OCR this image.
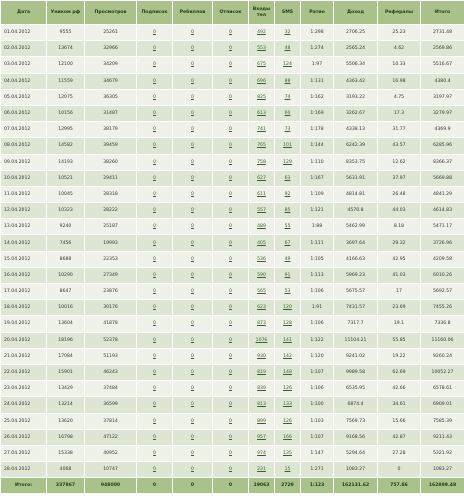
Дата	Уником рф	Просмотров	Подписок	Ребиллов	Отписок	Входы тел	SMS	Ратио	Доход	Рефералы	Итого
01.04.2012	9555	25261	0	0	0	492	32	1:298	2706.25	25.23	2731.48
02.04.2012	13674	32966	0	0	0	553	48	1:274	2565.24	4.62	2569.86
03.04.2012	12100	34209	0	0	0	675	124	1:97	5506.34	10.33	5516.67
04.04.2012	11559	34679	0	0	0	696	88	1:131	4363.42	16.98	4380.4
05.04.2012	12075	36305	0	0	0	825	74	1:162	3193.22	4.75	3197.97
06.04.2012	10156	31487	0	0	0	613	60	1:169	3262.67	17.3	3279.97
07.04.2012	12995	38179	0	0	0	741	73	1:178	4338.13	31.77	4369.9
08.04.2012	14582	39459	0	0	0	765	101	1:144	6242.39	43.57	6285.96
09.04.2012	14193	38260	0	0	0	758	129	1:110	8353.75	12.62	8366.37
10.04.2012	10521	29411	0	0	0	627	63	1:167	5631.91	37.97	5669.88
11.04.2012	10045	28318	0	0	0	611	92	1:109	4814.81	26.48	4841.29
12.04.2012	10323	28222	0	0	0	557	85	1:121	4570.8	44.03	4614.83
13.04.2012	9240	25187	0	0	0	489	55	1:88	5462.99	8.18	5471.17
14.04.2012	7456	19993	0	0	0	405	67	1:111	3697.64	29.32	3726.96
15.04.2012	8688	22353	0	0	0	536	49	1:105	4166.63	42.95	4209.58
16.04.2012	10290	27349	0	0	0	590	91	1:113	5969.23	41.03	6010.26
17.04.2012	8647	23876	0	0	0	565	53	1:106	5675.57	17	5692.57
18.04.2012	10016	30176	0	0	0	623	120	1:91	7431.57	23.69	7455.26
19.04.2012	13604	41878	0	0	0	873	128	1:106	7317.7	19.1	7336.8
20.04.2012	18196	52378	0	0	0	1076	141	1:122	11104.21	55.85	11160.06
21.04.2012	17084	51193	0	0	0	930	142	1:120	9241.02	19.22	9260.24
22.04.2012	15901	46243	0	0	0	819	148	1:107	9989.58	62.69	10052.27
23.04.2012	13429	37484	0	0	0	839	126	1:106	6535.95	42.66	6578.61
24.04.2012	13214	36599	0	0	0	813	133	1:100	6874.4	34.61	6909.01
25.04.2012	13620	37814	0	0	0	899	126	1:103	7569.73	15.66	7585.39
26.04.2012	16798	47122	0	0	0	957	166	1:107	9168.56	42.87	9211.43
27.04.2012	15338	40952	0	0	0	974	135	1:147	5294.64	27.28	5321.92
28.04.2012	4068	10747	0	0	0	231	15	1:271	1083.27	0	1083.27
Итого:	337867	948000	0	0	0	19063	2729	1:123	162131.62	757.86	162889.48
